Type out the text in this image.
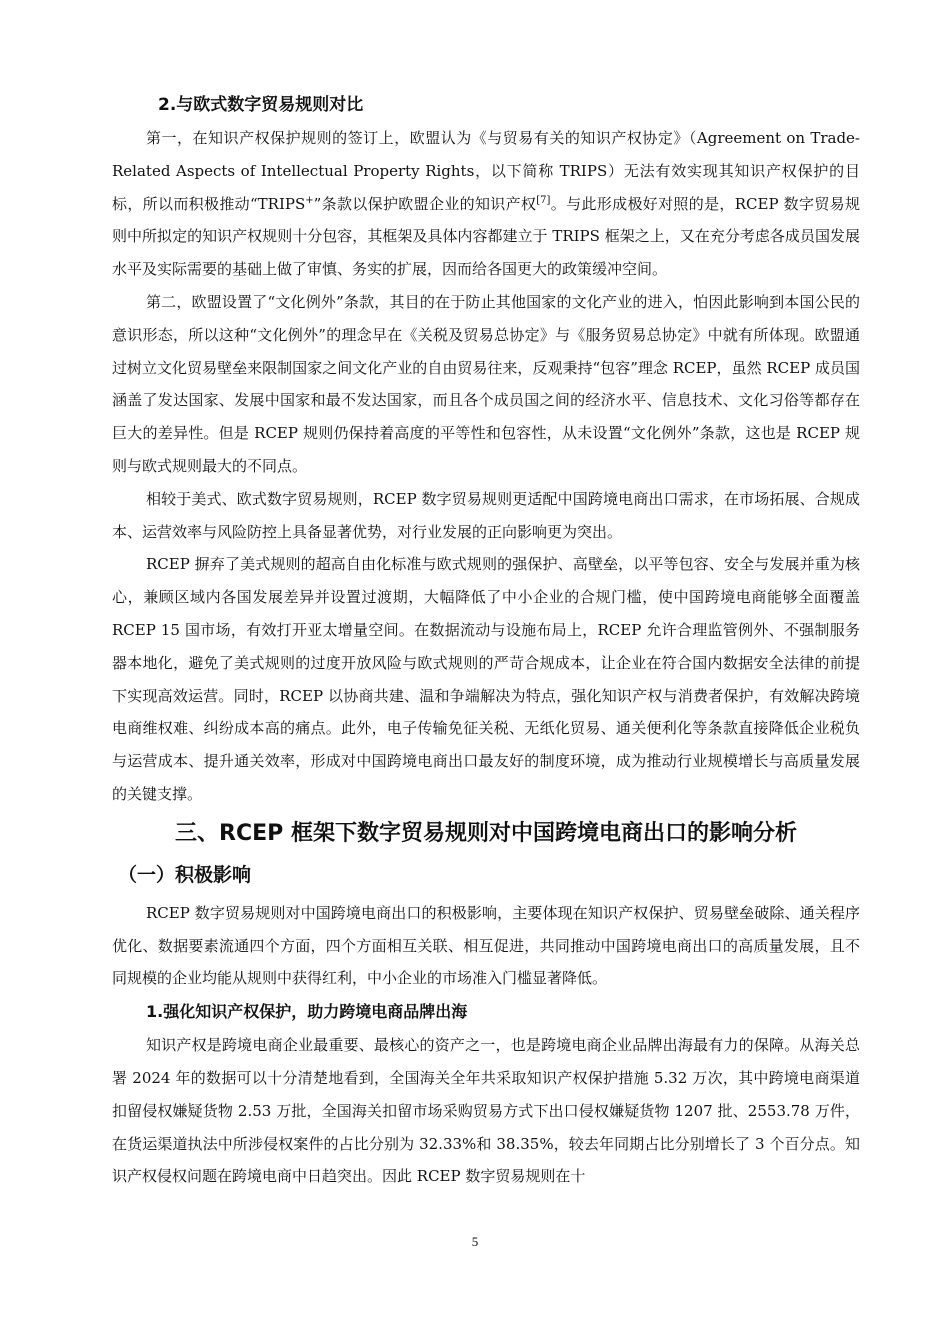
2.与欧式数字贸易规则对比

第一，在知识产权保护规则的签订上，欧盟认为《与贸易有关的知识产权协定》（Agreement on Trade-Related Aspects of Intellectual Property Rights，以下简称 TRIPS）无法有效实现其知识产权保护的目标，所以而积极推动“TRIPS+”条款以保护欧盟企业的知识产权[7]。与此形成极好对照的是，RCEP 数字贸易规则中所拟定的知识产权规则十分包容，其框架及具体内容都建立于 TRIPS 框架之上，又在充分考虑各成员国发展水平及实际需要的基础上做了审慎、务实的扩展，因而给各国更大的政策缓冲空间。

第二，欧盟设置了“文化例外”条款，其目的在于防止其他国家的文化产业的进入，怕因此影响到本国公民的意识形态，所以这种“文化例外”的理念早在《关税及贸易总协定》与《服务贸易总协定》中就有所体现。欧盟通过树立文化贸易壁垒来限制国家之间文化产业的自由贸易往来，反观秉持“包容”理念 RCEP，虽然 RCEP 成员国涵盖了发达国家、发展中国家和最不发达国家，而且各个成员国之间的经济水平、信息技术、文化习俗等都存在巨大的差异性。但是 RCEP 规则仍保持着高度的平等性和包容性，从未设置“文化例外”条款，这也是 RCEP 规则与欧式规则最大的不同点。

相较于美式、欧式数字贸易规则，RCEP 数字贸易规则更适配中国跨境电商出口需求，在市场拓展、合规成本、运营效率与风险防控上具备显著优势，对行业发展的正向影响更为突出。

RCEP 摒弃了美式规则的超高自由化标准与欧式规则的强保护、高壁垒，以平等包容、安全与发展并重为核心，兼顾区域内各国发展差异并设置过渡期，大幅降低了中小企业的合规门槛，使中国跨境电商能够全面覆盖 RCEP 15 国市场，有效打开亚太增量空间。在数据流动与设施布局上，RCEP 允许合理监管例外、不强制服务器本地化，避免了美式规则的过度开放风险与欧式规则的严苛合规成本，让企业在符合国内数据安全法律的前提下实现高效运营。同时，RCEP 以协商共建、温和争端解决为特点，强化知识产权与消费者保护，有效解决跨境电商维权难、纠纷成本高的痛点。此外，电子传输免征关税、无纸化贸易、通关便利化等条款直接降低企业税负与运营成本、提升通关效率，形成对中国跨境电商出口最友好的制度环境，成为推动行业规模增长与高质量发展的关键支撑。

三、RCEP 框架下数字贸易规则对中国跨境电商出口的影响分析
（一）积极影响

RCEP 数字贸易规则对中国跨境电商出口的积极影响，主要体现在知识产权保护、贸易壁垒破除、通关程序优化、数据要素流通四个方面，四个方面相互关联、相互促进，共同推动中国跨境电商出口的高质量发展，且不同规模的企业均能从规则中获得红利，中小企业的市场准入门槛显著降低。

1.强化知识产权保护，助力跨境电商品牌出海

知识产权是跨境电商企业最重要、最核心的资产之一，也是跨境电商企业品牌出海最有力的保障。从海关总署 2024 年的数据可以十分清楚地看到，全国海关全年共采取知识产权保护措施 5.32 万次，其中跨境电商渠道扣留侵权嫌疑货物 2.53 万批，全国海关扣留市场采购贸易方式下出口侵权嫌疑货物 1207 批、2553.78 万件，在货运渠道执法中所涉侵权案件的占比分别为 32.33%和 38.35%，较去年同期占比分别增长了 3 个百分点。知识产权侵权问题在跨境电商中日趋突出。因此 RCEP 数字贸易规则在十

5
